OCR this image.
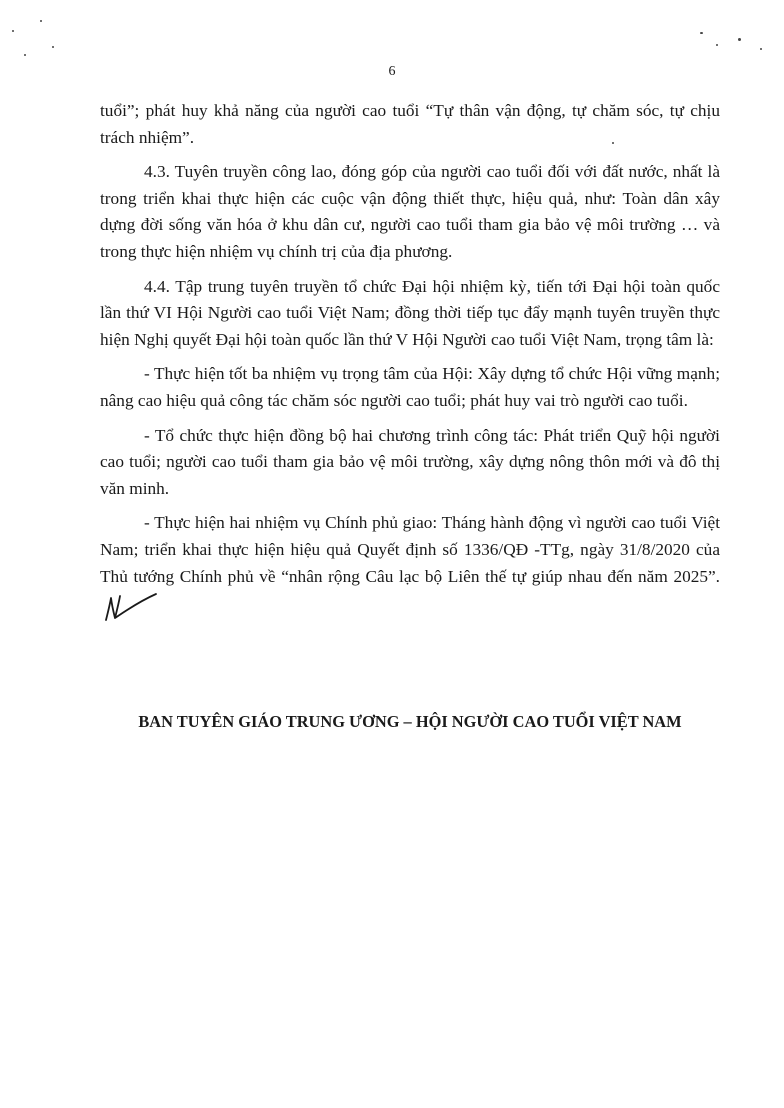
6

tuổi”; phát huy khả năng của người cao tuổi “Tự thân vận động, tự chăm sóc, tự chịu trách nhiệm”.

4.3. Tuyên truyền công lao, đóng góp của người cao tuổi đối với đất nước, nhất là trong triển khai thực hiện các cuộc vận động thiết thực, hiệu quả, như: Toàn dân xây dựng đời sống văn hóa ở khu dân cư, người cao tuổi tham gia bảo vệ môi trường … và trong thực hiện nhiệm vụ chính trị của địa phương.

4.4. Tập trung tuyên truyền tổ chức Đại hội nhiệm kỳ, tiến tới Đại hội toàn quốc lần thứ VI Hội Người cao tuổi Việt Nam; đồng thời tiếp tục đẩy mạnh tuyên truyền thực hiện Nghị quyết Đại hội toàn quốc lần thứ V Hội Người cao tuổi Việt Nam, trọng tâm là:

- Thực hiện tốt ba nhiệm vụ trọng tâm của Hội: Xây dựng tổ chức Hội vững mạnh; nâng cao hiệu quả công tác chăm sóc người cao tuổi; phát huy vai trò người cao tuổi.

- Tổ chức thực hiện đồng bộ hai chương trình công tác: Phát triển Quỹ hội người cao tuổi; người cao tuổi tham gia bảo vệ môi trường, xây dựng nông thôn mới và đô thị văn minh.

- Thực hiện hai nhiệm vụ Chính phủ giao: Tháng hành động vì người cao tuổi Việt Nam; triển khai thực hiện hiệu quả Quyết định số 1336/QĐ -TTg, ngày 31/8/2020 của Thủ tướng Chính phủ về “nhân rộng Câu lạc bộ Liên thế tự giúp nhau đến năm 2025”.

BAN TUYÊN GIÁO TRUNG ƯƠNG – HỘI NGƯỜI CAO TUỔI VIỆT NAM
